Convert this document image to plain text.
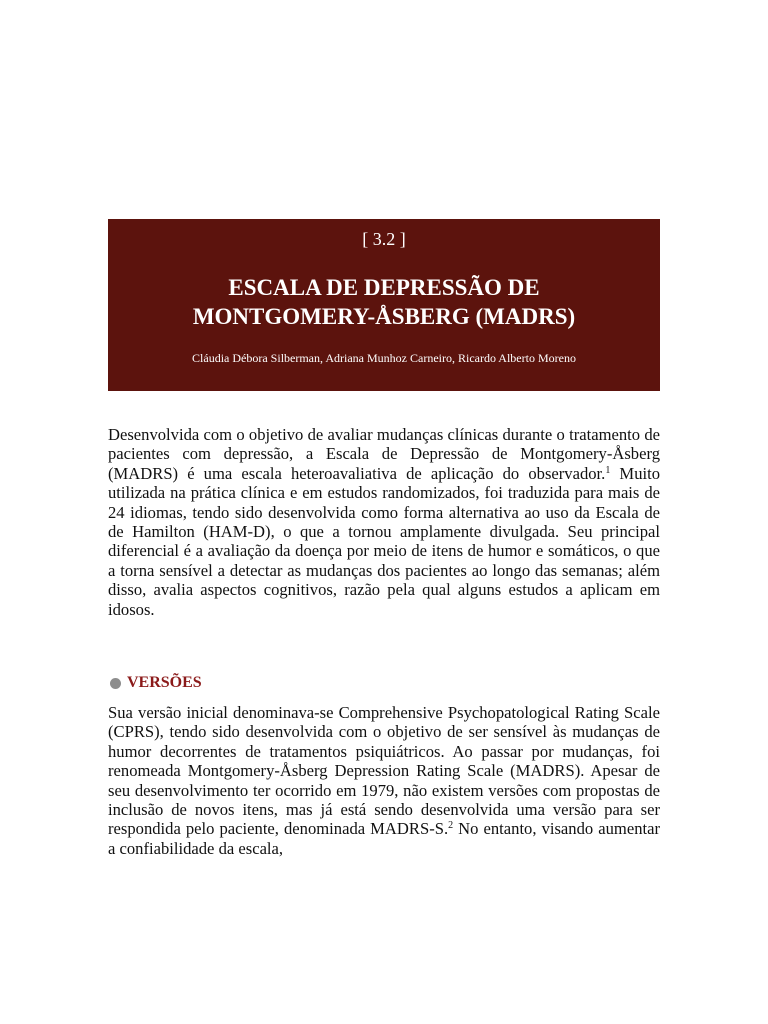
[ 3.2 ]
ESCALA DE DEPRESSÃO DE
MONTGOMERY-ÅSBERG (MADRS)
Cláudia Débora Silberman, Adriana Munhoz Carneiro, Ricardo Alberto Moreno

Desenvolvida com o objetivo de avaliar mudanças clínicas durante o tratamento de pacientes com depressão, a Escala de Depressão de Montgomery-Åsberg (MADRS) é uma escala heteroavaliativa de aplicação do observador.$^1$ Muito utilizada na prática clínica e em estudos randomizados, foi traduzida para mais de 24 idiomas, tendo sido desenvolvida como forma alternativa ao uso da Escala de de Hamilton (HAM-D), o que a tornou amplamente divulgada. Seu principal diferencial é a avaliação da doença por meio de itens de humor e somáticos, o que a torna sensível a detectar as mudanças dos pacientes ao longo das semanas; além disso, avalia aspectos cognitivos, razão pela qual alguns estudos a aplicam em idosos.

VERSÕES

Sua versão inicial denominava-se Comprehensive Psychopatological Rating Scale (CPRS), tendo sido desenvolvida com o objetivo de ser sensível às mudanças de humor decorrentes de tratamentos psiquiátricos. Ao passar por mudanças, foi renomeada Montgomery-Åsberg Depression Rating Scale (MADRS). Apesar de seu desenvolvimento ter ocorrido em 1979, não existem versões com propostas de inclusão de novos itens, mas já está sendo desenvolvida uma versão para ser respondida pelo paciente, denominada MADRS-S.$^2$ No entanto, visando aumentar a confiabilidade da escala,
